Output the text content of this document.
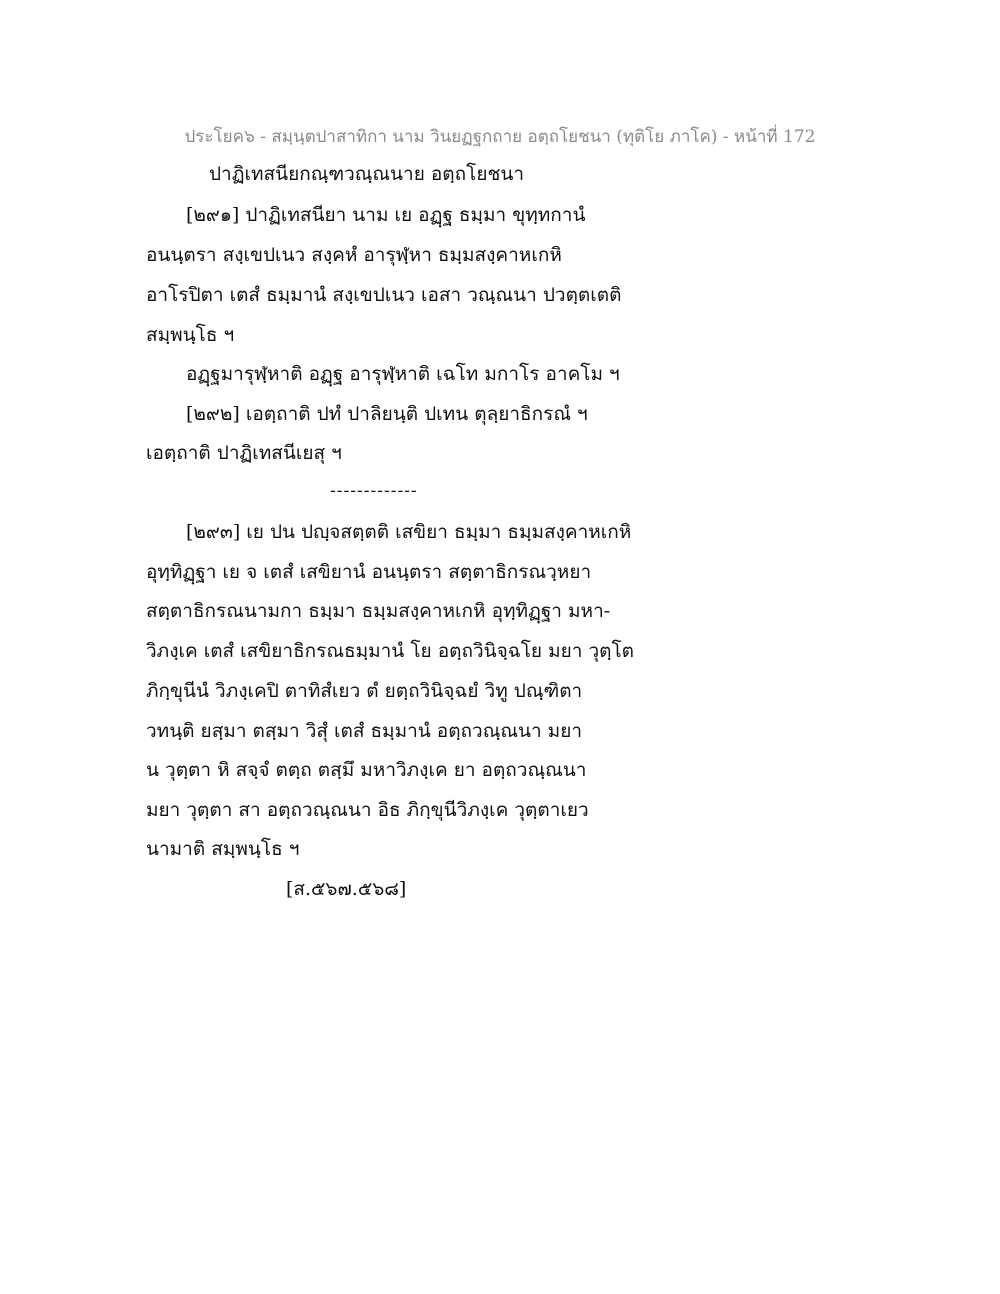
ประโยค๖ - สมฺนฺตปาสาทิกา นาม วินยฏฐกถาย อตฺถโยชนา (ทุติโย ภาโค) - หน้าที่ 172
ปาฏิเทสนียกณฺฑวณฺณนาย อตฺถโยชนา
[๒๙๑] ปาฏิเทสนียา นาม เย อฏฺฐ ธมฺมา ขุทฺทกานํ
อนนฺตรา สงฺเขปเนว สงฺคหํ อารุฬฺหา ธมฺมสงฺคาหเกหิ
อาโรปิตา เตสํ ธมฺมานํ สงฺเขปเนว เอสา วณฺณนา ปวตฺตเตติ
สมฺพนฺโธ ฯ
อฏฺฐมารุฬฺหาติ อฏฺฐ อารุฬฺหาติ เฉโท มกาโร อาคโม ฯ
[๒๙๒] เอตฺถาติ ปทํ ปาลิยนฺติ ปเทน ตุลฺยาธิกรณํ ฯ
เอตฺถาติ ปาฏิเทสนีเยสุ ฯ
-------------
[๒๙๓] เย ปน ปญฺจสตฺตติ เสขิยา ธมฺมา ธมฺมสงฺคาหเกหิ
อุทฺทิฏฺฐา เย จ เตสํ เสขิยานํ อนนฺตรา สตฺตาธิกรณวฺหยา
สตฺตาธิกรณนามกา ธมฺมา ธมฺมสงฺคาหเกหิ อุทฺทิฏฺฐา มหา-
วิภงฺเค เตสํ เสขิยาธิกรณธมฺมานํ โย อตฺถวินิจฺฉโย มยา วุตฺโต
ภิกฺขุนีนํ วิภงฺเคปิ ตาทิสํเยว ตํ ยตฺถวินิจฺฉยํ วิทู ปณฺฑิตา
วทนฺติ ยสฺมา ตสฺมา วิสุํ เตสํ ธมฺมานํ อตฺถวณฺณนา มยา
น วุตฺตา หิ สจฺจํ ตตฺถ ตสฺมึ มหาวิภงฺเค ยา อตฺถวณฺณนา
มยา วุตฺตา สา อตฺถวณฺณนา อิธ ภิกฺขุนีวิภงฺเค วุตฺตาเยว
นามาติ สมฺพนฺโธ ฯ
[ส.๕๖๗.๕๖๘]
